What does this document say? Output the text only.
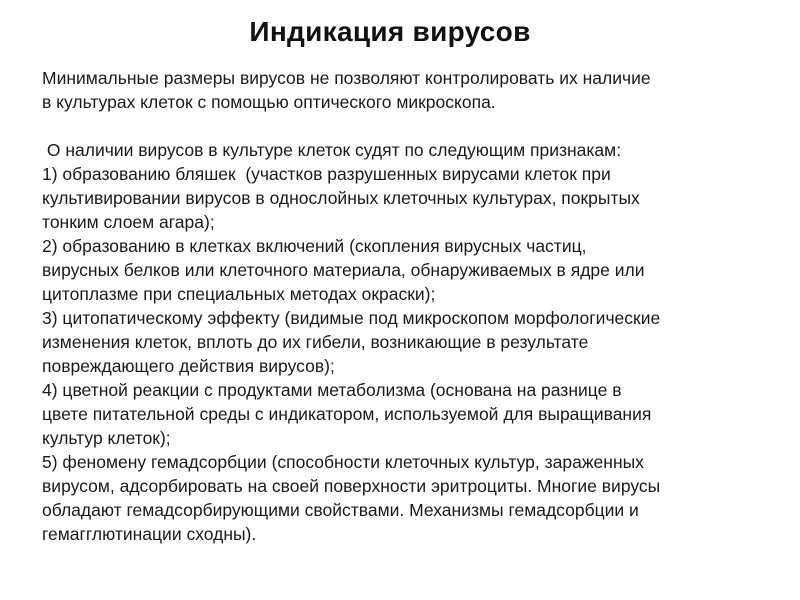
Индикация вирусов
Минимальные размеры вирусов не позволяют контролировать их наличие
в культурах клеток с помощью оптического микроскопа.
О наличии вирусов в культуре клеток судят по следующим признакам:
1) образованию бляшек  (участков разрушенных вирусами клеток при
культивировании вирусов в однослойных клеточных культурах, покрытых
тонким слоем агара);
2) образованию в клетках включений (скопления вирусных частиц,
вирусных белков или клеточного материала, обнаруживаемых в ядре или
цитоплазме при специальных методах окраски);
3) цитопатическому эффекту (видимые под микроскопом морфологические
изменения клеток, вплоть до их гибели, возникающие в результате
повреждающего действия вирусов);
4) цветной реакции с продуктами метаболизма (основана на разнице в
цвете питательной среды с индикатором, используемой для выращивания
культур клеток);
5) феномену гемадсорбции (способности клеточных культур, зараженных
вирусом, адсорбировать на своей поверхности эритроциты. Многие вирусы
обладают гемадсорбирующими свойствами. Механизмы гемадсорбции и
гемагглютинации сходны).
